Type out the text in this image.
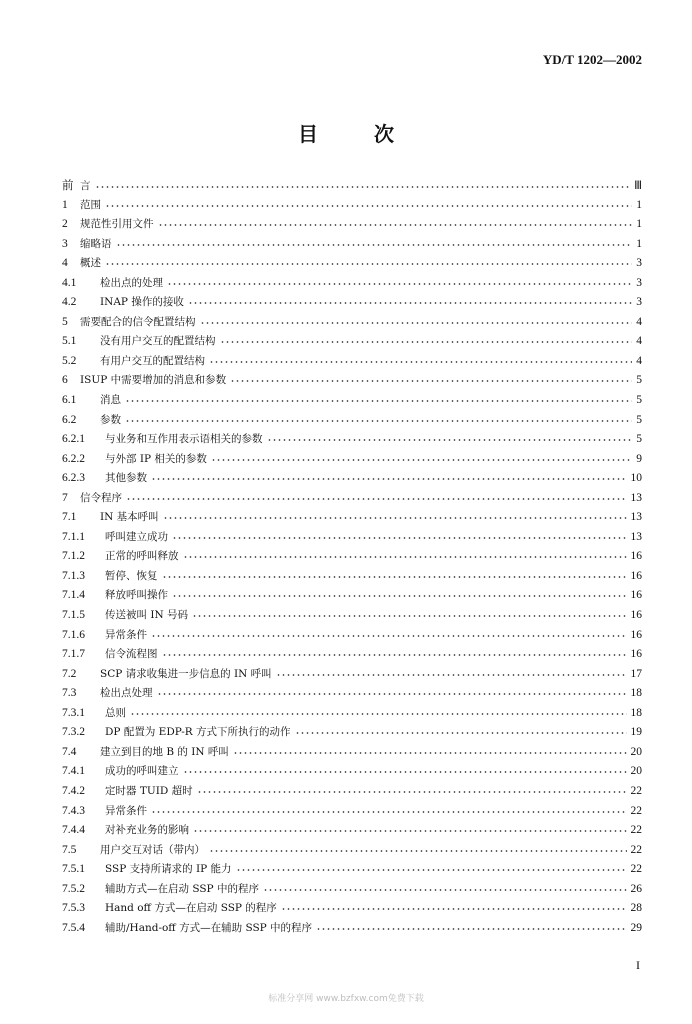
YD/T 1202—2002
目次
前 言	Ⅲ
1	范围	1
2	规范性引用文件	1
3	缩略语	1
4	概述	3
4.1	检出点的处理	3
4.2	INAP 操作的接收	3
5	需要配合的信令配置结构	4
5.1	没有用户交互的配置结构	4
5.2	有用户交互的配置结构	4
6	ISUP 中需要增加的消息和参数	5
6.1	消息	5
6.2	参数	5
6.2.1	与业务和互作用表示语相关的参数	5
6.2.2	与外部 IP 相关的参数	9
6.2.3	其他参数	10
7	信令程序	13
7.1	IN 基本呼叫	13
7.1.1	呼叫建立成功	13
7.1.2	正常的呼叫释放	16
7.1.3	暂停、恢复	16
7.1.4	释放呼叫操作	16
7.1.5	传送被叫 IN 号码	16
7.1.6	异常条件	16
7.1.7	信令流程图	16
7.2	SCP 请求收集进一步信息的 IN 呼叫	17
7.3	检出点处理	18
7.3.1	总则	18
7.3.2	DP 配置为 EDP-R 方式下所执行的动作	19
7.4	建立到目的地 B 的 IN 呼叫	20
7.4.1	成功的呼叫建立	20
7.4.2	定时器 TUID 超时	22
7.4.3	异常条件	22
7.4.4	对补充业务的影响	22
7.5	用户交互对话（带内）	22
7.5.1	SSP 支持所请求的 IP 能力	22
7.5.2	辅助方式—在启动 SSP 中的程序	26
7.5.3	Hand off 方式—在启动 SSP 的程序	28
7.5.4	辅助/Hand-off 方式—在辅助 SSP 中的程序	29
I
标准分享网 www.bzfxw.com免费下载
